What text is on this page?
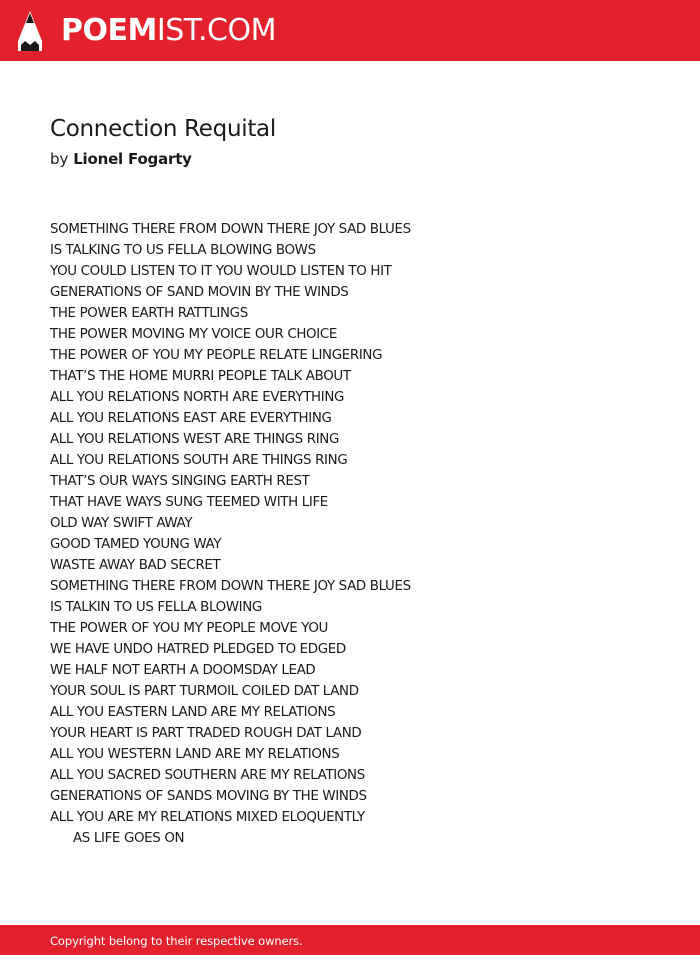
POEMIST.COM
Connection Requital
by Lionel Fogarty
SOMETHING THERE FROM DOWN THERE JOY SAD BLUES
IS TALKING TO US FELLA BLOWING BOWS
YOU COULD LISTEN TO IT YOU WOULD LISTEN TO HIT
GENERATIONS OF SAND MOVIN BY THE WINDS
THE POWER EARTH RATTLINGS
THE POWER MOVING MY VOICE OUR CHOICE
THE POWER OF YOU MY PEOPLE RELATE LINGERING
THAT’S THE HOME MURRI PEOPLE TALK ABOUT
ALL YOU RELATIONS NORTH ARE EVERYTHING
ALL YOU RELATIONS EAST ARE EVERYTHING
ALL YOU RELATIONS WEST ARE THINGS RING
ALL YOU RELATIONS SOUTH ARE THINGS RING
THAT’S OUR WAYS SINGING EARTH REST
THAT HAVE WAYS SUNG TEEMED WITH LIFE
OLD WAY SWIFT AWAY
GOOD TAMED YOUNG WAY
WASTE AWAY BAD SECRET
SOMETHING THERE FROM DOWN THERE JOY SAD BLUES
IS TALKIN TO US FELLA BLOWING
THE POWER OF YOU MY PEOPLE MOVE YOU
WE HAVE UNDO HATRED PLEDGED TO EDGED
WE HALF NOT EARTH A DOOMSDAY LEAD
YOUR SOUL IS PART TURMOIL COILED DAT LAND
ALL YOU EASTERN LAND ARE MY RELATIONS
YOUR HEART IS PART TRADED ROUGH DAT LAND
ALL YOU WESTERN LAND ARE MY RELATIONS
ALL YOU SACRED SOUTHERN ARE MY RELATIONS
GENERATIONS OF SANDS MOVING BY THE WINDS
ALL YOU ARE MY RELATIONS MIXED ELOQUENTLY
AS LIFE GOES ON
Copyright belong to their respective owners.
